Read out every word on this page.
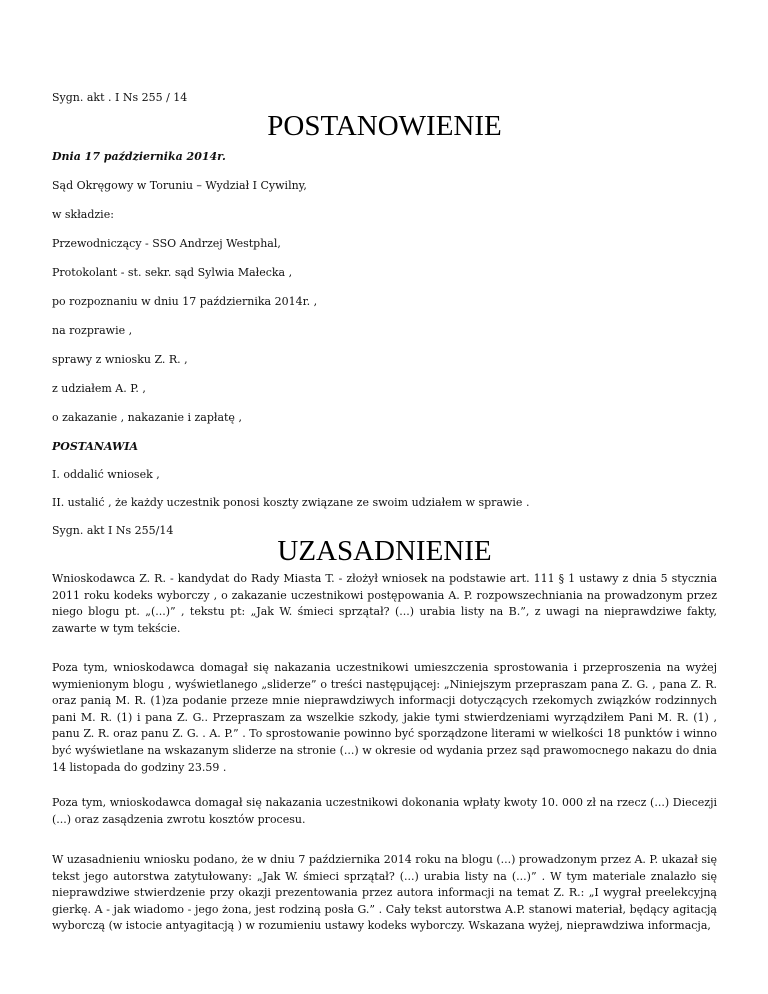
Sygn. akt . I Ns 255 / 14
POSTANOWIENIE
Dnia 17 października 2014r.
Sąd Okręgowy w Toruniu – Wydział I Cywilny,
w składzie:
Przewodniczący - SSO Andrzej Westphal,
Protokolant - st. sekr. sąd Sylwia Małecka ,
po rozpoznaniu w dniu 17 października 2014r. ,
na rozprawie ,
sprawy z wniosku Z. R. ,
z udziałem A. P. ,
o zakazanie , nakazanie i zapłatę ,
POSTANAWIA
I. oddalić wniosek ,
II. ustalić , że każdy uczestnik ponosi koszty związane ze swoim udziałem w sprawie .
Sygn. akt I Ns 255/14
UZASADNIENIE

Wnioskodawca Z. R. - kandydat do Rady Miasta T. - złożył wniosek na podstawie art. 111 § 1 ustawy z dnia 5 stycznia 2011 roku kodeks wyborczy , o zakazanie uczestnikowi postępowania A. P. rozpowszechniania na prowadzonym przez niego blogu pt. „(...)” , tekstu pt: „Jak W. śmieci sprzątał? (...) urabia listy na B.”, z uwagi na nieprawdziwe fakty, zawarte w tym tekście.

Poza tym, wnioskodawca domagał się nakazania uczestnikowi umieszczenia sprostowania i przeproszenia na wyżej wymienionym blogu , wyświetlanego „sliderze” o treści następującej: „Niniejszym przepraszam pana Z. G. , pana Z. R. oraz panią M. R. (1)za podanie przeze mnie nieprawdziwych informacji dotyczących rzekomych związków rodzinnych pani M. R. (1) i pana Z. G.. Przepraszam za wszelkie szkody, jakie tymi stwierdzeniami wyrządziłem Pani M. R. (1) , panu Z. R. oraz panu Z. G. . A. P.” . To sprostowanie powinno być sporządzone literami w wielkości 18 punktów i winno być wyświetlane na wskazanym sliderze na stronie (...) w okresie od wydania przez sąd prawomocnego nakazu do dnia 14 listopada do godziny 23.59 .

Poza tym, wnioskodawca domagał się nakazania uczestnikowi dokonania wpłaty kwoty 10. 000 zł na rzecz (...) Diecezji (...) oraz zasądzenia zwrotu kosztów procesu.

W uzasadnieniu wniosku podano, że w dniu 7 października 2014 roku na blogu (...) prowadzonym przez A. P. ukazał się tekst jego autorstwa zatytułowany: „Jak W. śmieci sprzątał? (...) urabia listy na (...)” . W tym materiale znalazło się nieprawdziwe stwierdzenie przy okazji prezentowania przez autora informacji na temat Z. R.: „I wygrał preelekcyjną gierkę. A - jak wiadomo - jego żona, jest rodziną posła G.” . Cały tekst autorstwa A.P. stanowi materiał, będący agitacją wyborczą (w istocie antyagitacją ) w rozumieniu ustawy kodeks wyborczy. Wskazana wyżej, nieprawdziwa informacja,
